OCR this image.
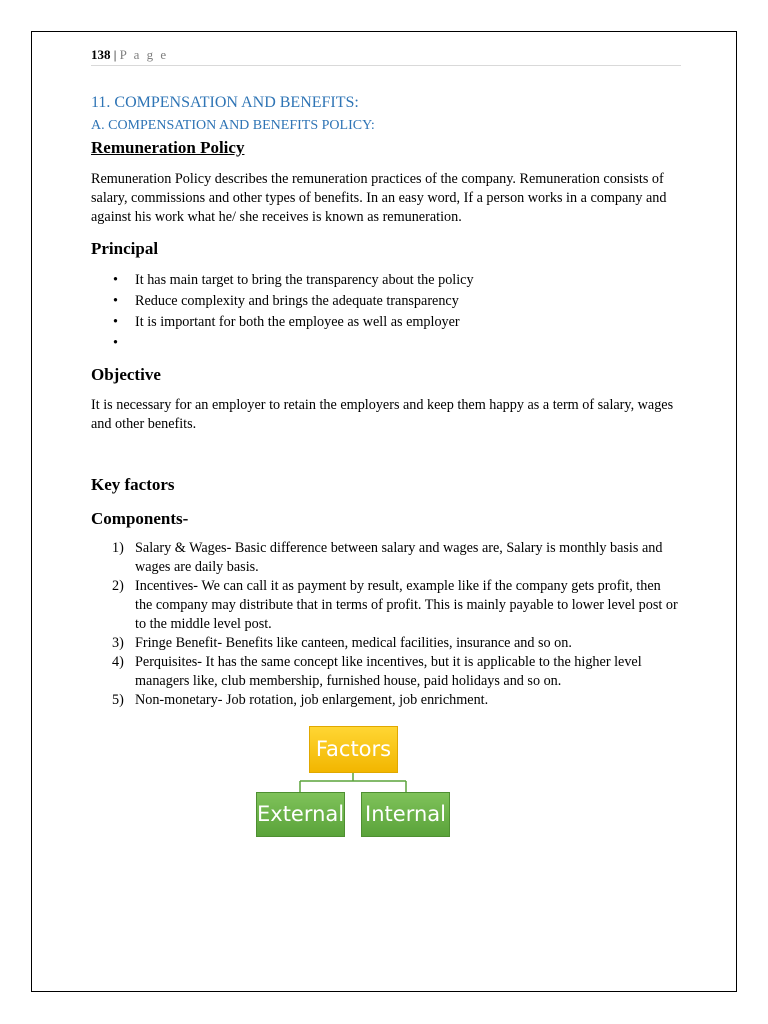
138 | P a g e
11. COMPENSATION AND BENEFITS:
A. COMPENSATION AND BENEFITS POLICY:
Remuneration Policy
Remuneration Policy describes the remuneration practices of the company. Remuneration consists of salary, commissions and other types of benefits. In an easy word, If a person works in a company and against his work what he/ she receives is known as remuneration.
Principal
• It has main target to bring the transparency about the policy
• Reduce complexity and brings the adequate transparency
• It is important for both the employee as well as employer
•
Objective
It is necessary for an employer to retain the employers and keep them happy as a term of salary, wages and other benefits.
Key factors
Components-
1) Salary & Wages- Basic difference between salary and wages are, Salary is monthly basis and wages are daily basis.
2) Incentives- We can call it as payment by result, example like if the company gets profit, then the company may distribute that in terms of profit. This is mainly payable to lower level post or to the middle level post.
3) Fringe Benefit- Benefits like canteen, medical facilities, insurance and so on.
4) Perquisites- It has the same concept like incentives, but it is applicable to the higher level managers like, club membership, furnished house, paid holidays and so on.
5) Non-monetary- Job rotation, job enlargement, job enrichment.
Factors
External Internal
